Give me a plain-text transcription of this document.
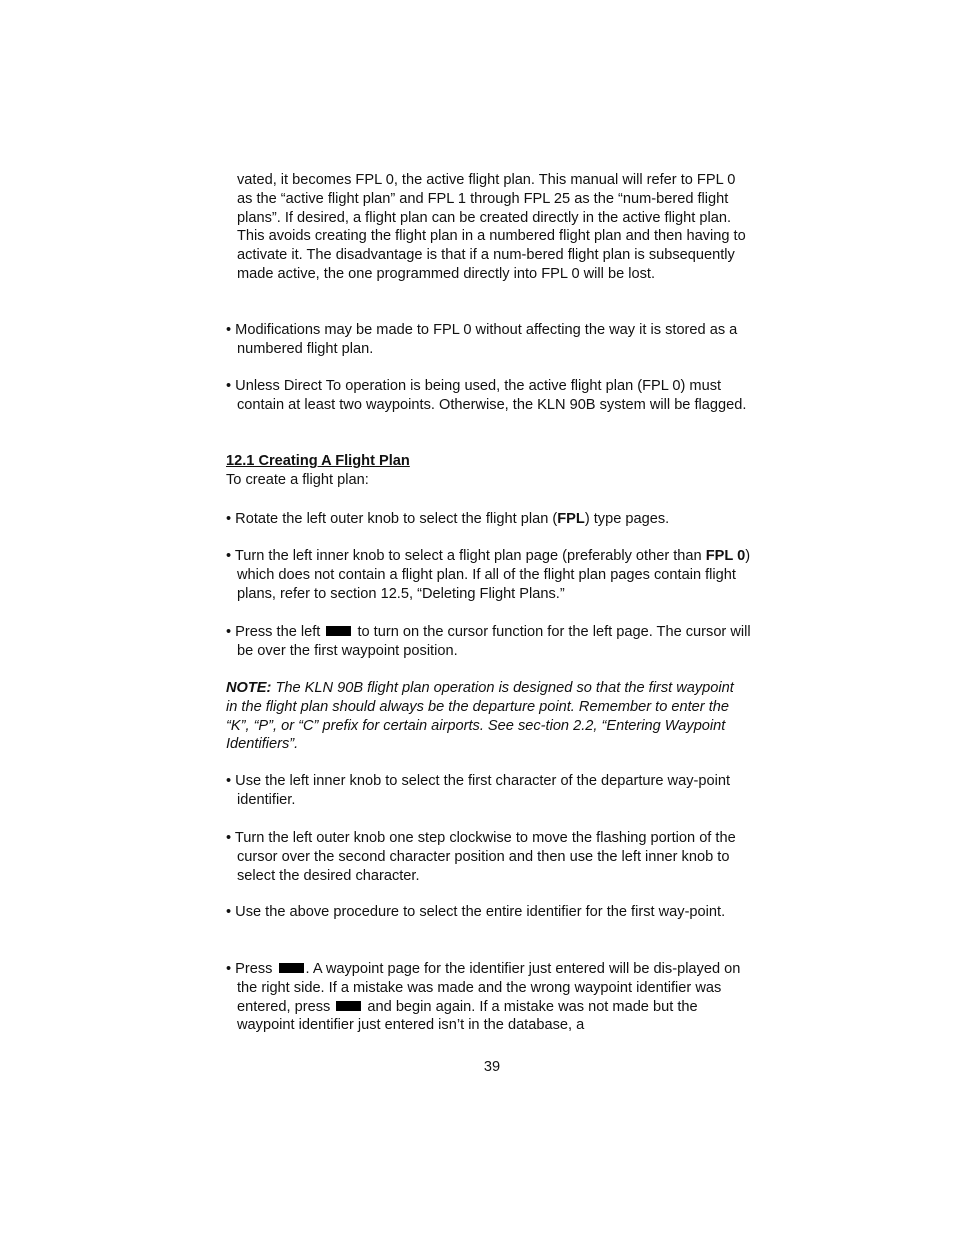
vated, it becomes FPL 0, the active flight plan. This manual will refer to FPL 0 as the “active flight plan” and FPL 1 through FPL 25 as the “num-bered flight plans”. If desired, a flight plan can be created directly in the active flight plan. This avoids creating the flight plan in a numbered flight plan and then having to activate it. The disadvantage is that if a num-bered flight plan is subsequently made active, the one programmed directly into FPL 0 will be lost.

• Modifications may be made to FPL 0 without affecting the way it is stored as a numbered flight plan.

• Unless Direct To operation is being used, the active flight plan (FPL 0) must contain at least two waypoints. Otherwise, the KLN 90B system will be flagged.

12.1 Creating A Flight Plan

To create a flight plan:

• Rotate the left outer knob to select the flight plan (FPL) type pages.

• Turn the left inner knob to select a flight plan page (preferably other than FPL 0) which does not contain a flight plan. If all of the flight plan pages contain flight plans, refer to section 12.5, “Deleting Flight Plans.”

• Press the left  to turn on the cursor function for the left page. The cursor will be over the first waypoint position.

NOTE: The KLN 90B flight plan operation is designed so that the first waypoint in the flight plan should always be the departure point. Remember to enter the “K”, “P”, or “C” prefix for certain airports. See sec-tion 2.2, “Entering Waypoint Identifiers”.

• Use the left inner knob to select the first character of the departure way-point identifier.

• Turn the left outer knob one step clockwise to move the flashing portion of the cursor over the second character position and then use the left inner knob to select the desired character.

• Use the above procedure to select the entire identifier for the first way-point.

• Press . A waypoint page for the identifier just entered will be dis-played on the right side. If a mistake was made and the wrong waypoint identifier was entered, press  and begin again. If a mistake was not made but the waypoint identifier just entered isn’t in the database, a

39
